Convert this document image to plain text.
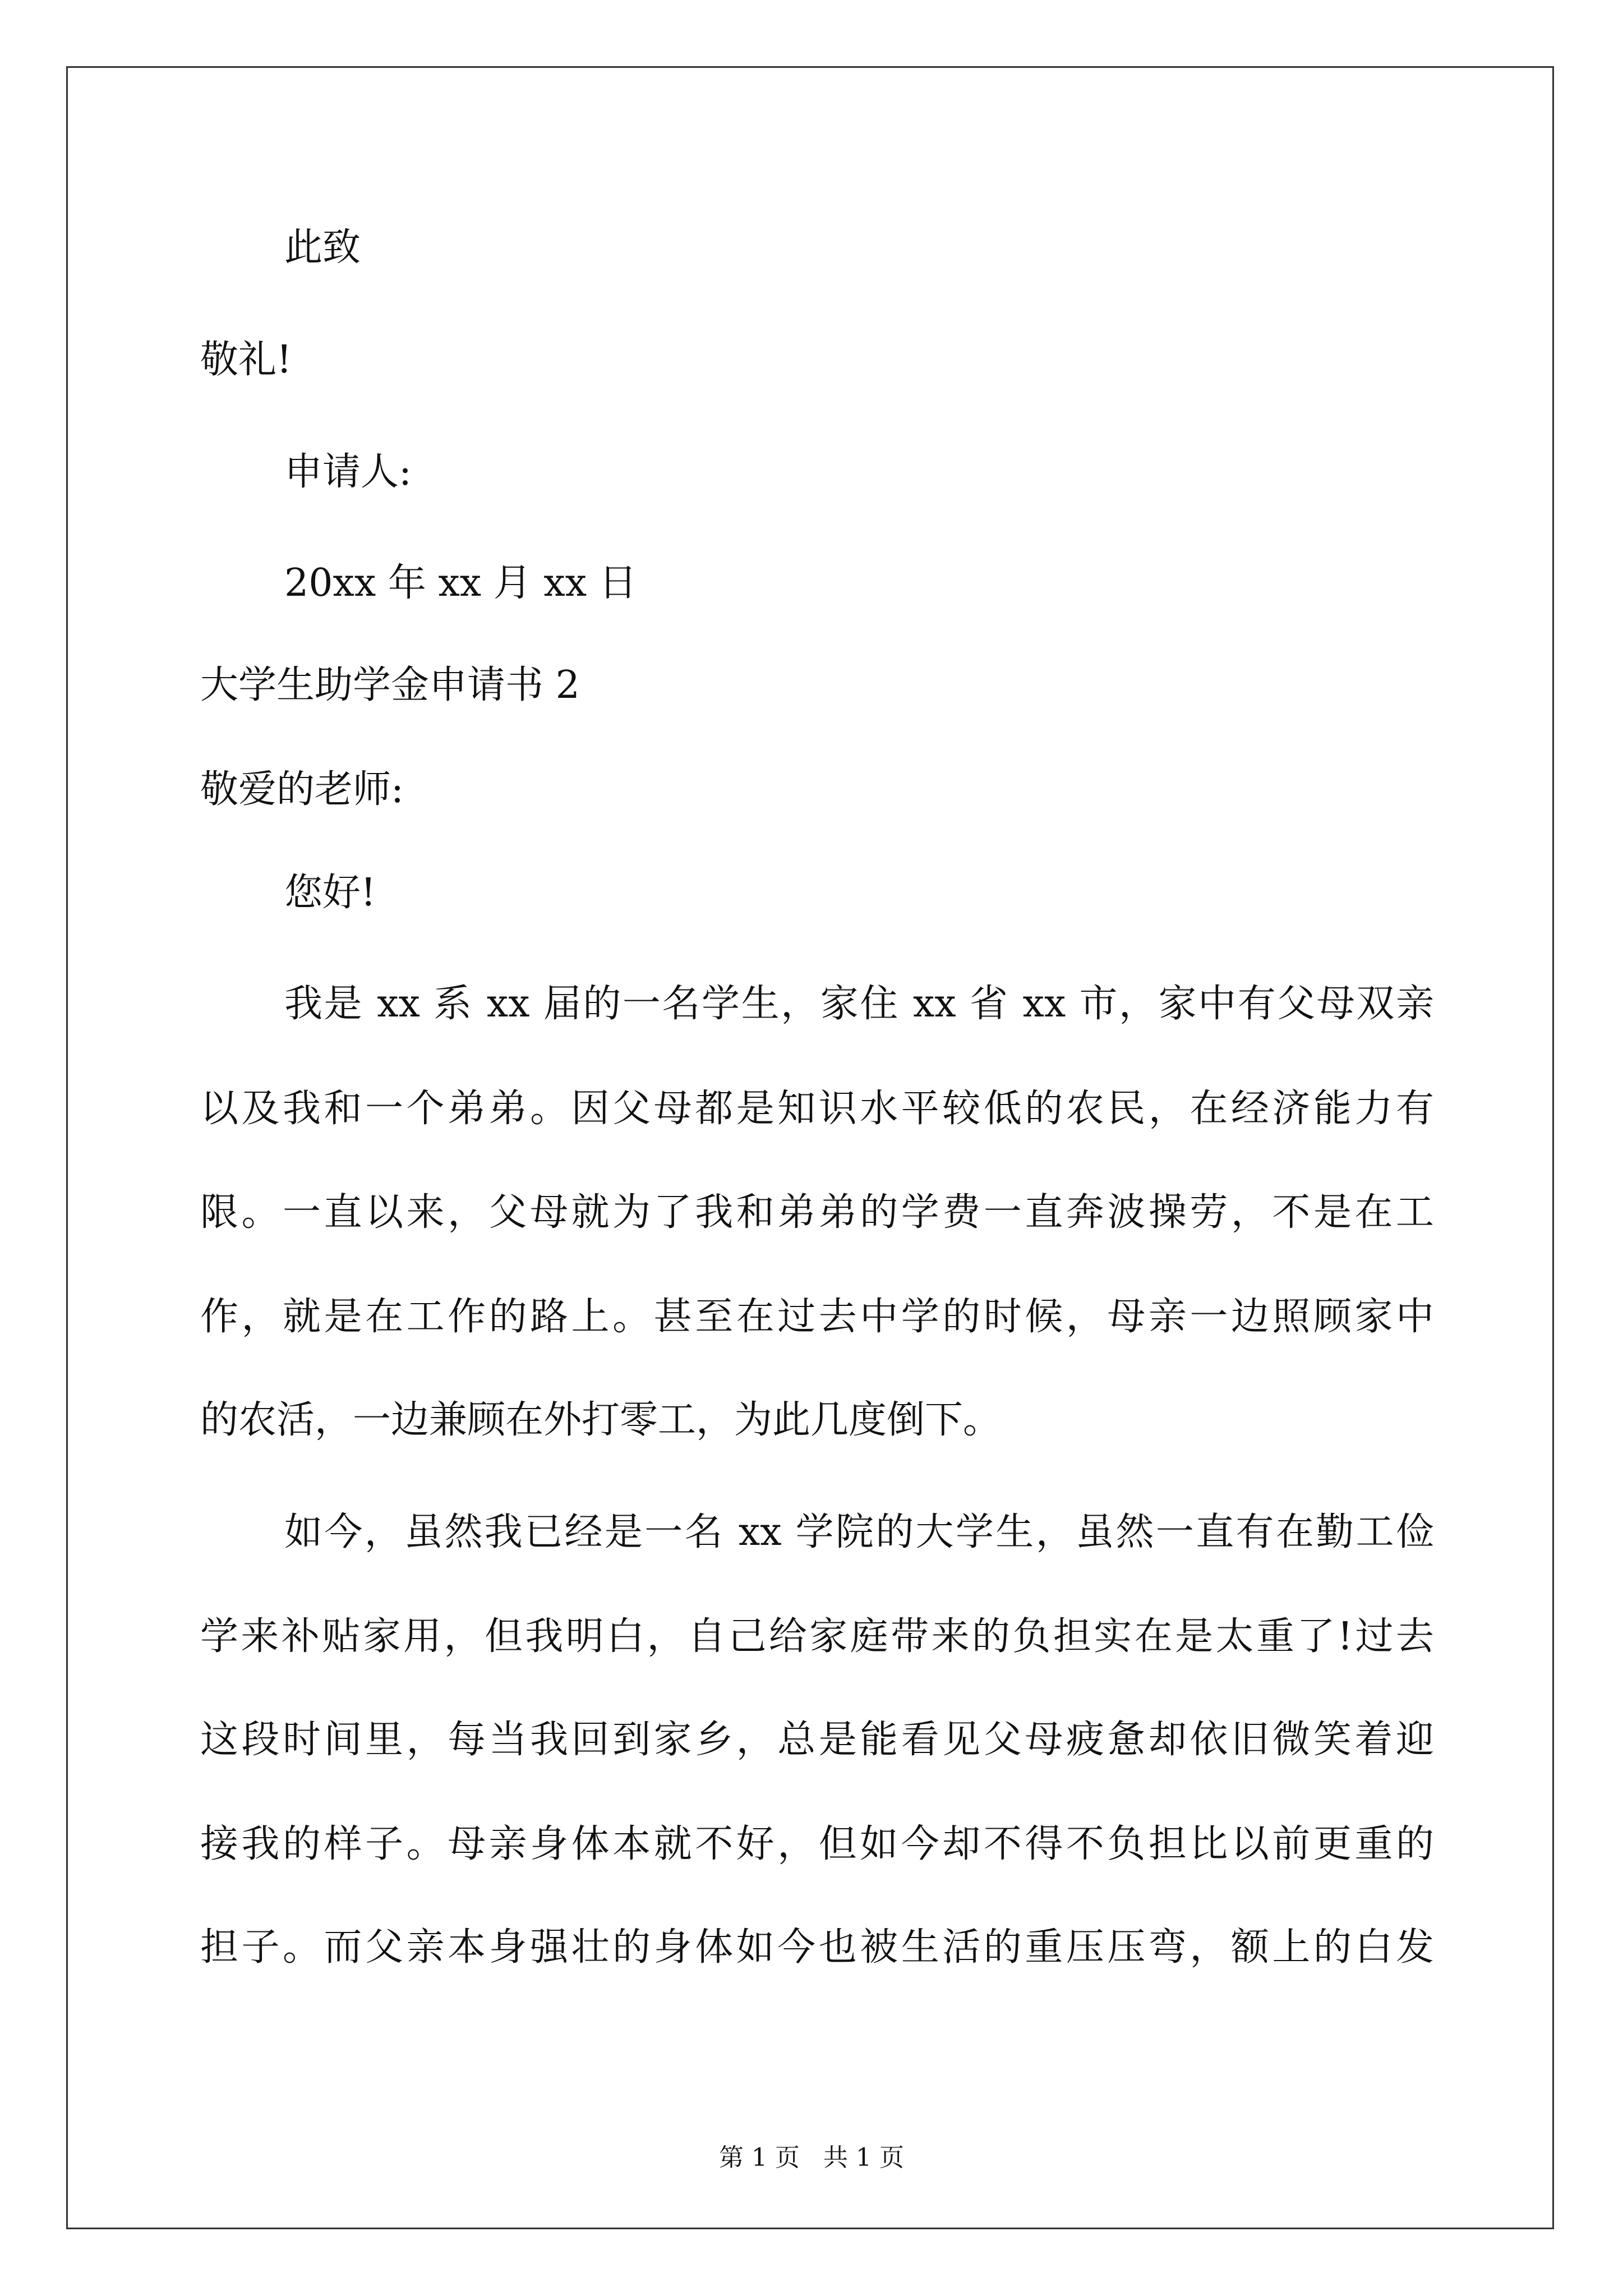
此致
敬礼!
申请人:
20xx 年 xx 月 xx 日
大学生助学金申请书 2
敬爱的老师:
您好!
我是 xx 系 xx 届的一名学生，家住 xx 省 xx 市，家中有父母双亲
以及我和一个弟弟。因父母都是知识水平较低的农民，在经济能力有
限。一直以来，父母就为了我和弟弟的学费一直奔波操劳，不是在工
作，就是在工作的路上。甚至在过去中学的时候，母亲一边照顾家中
的农活，一边兼顾在外打零工，为此几度倒下。
如今，虽然我已经是一名 xx 学院的大学生，虽然一直有在勤工俭
学来补贴家用，但我明白，自己给家庭带来的负担实在是太重了!过去
这段时间里，每当我回到家乡，总是能看见父母疲惫却依旧微笑着迎
接我的样子。母亲身体本就不好，但如今却不得不负担比以前更重的
担子。而父亲本身强壮的身体如今也被生活的重压压弯，额上的白发
第 1 页 共 1 页
